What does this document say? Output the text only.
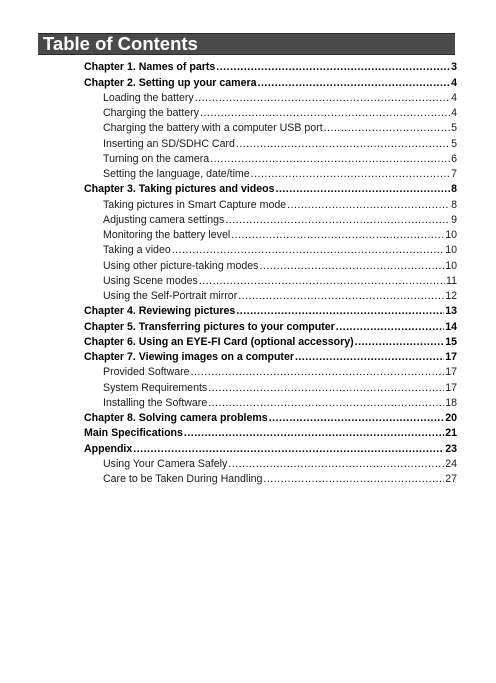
Table of Contents
Chapter 1. Names of parts .....	3
Chapter 2. Setting up your camera .....	4
Loading the battery .....	4
Charging the battery .....	4
Charging the battery with a computer USB port .....	5
Inserting an SD/SDHC Card .....	5
Turning on the camera .....	6
Setting the language, date/time .....	7
Chapter 3. Taking pictures and videos .....	8
Taking pictures in Smart Capture mode .....	8
Adjusting camera settings .....	9
Monitoring the battery level .....	10
Taking a video .....	10
Using other picture-taking modes .....	10
Using Scene modes .....	11
Using the Self-Portrait mirror .....	12
Chapter 4. Reviewing pictures .....	13
Chapter 5. Transferring pictures to your computer .....	14
Chapter 6. Using an EYE-FI Card (optional accessory) .....	15
Chapter 7. Viewing images on a computer .....	17
Provided Software .....	17
System Requirements .....	17
Installing the Software .....	18
Chapter 8. Solving camera problems .....	20
Main Specifications .....	21
Appendix .....	23
Using Your Camera Safely .....	24
Care to be Taken During Handling .....	27
